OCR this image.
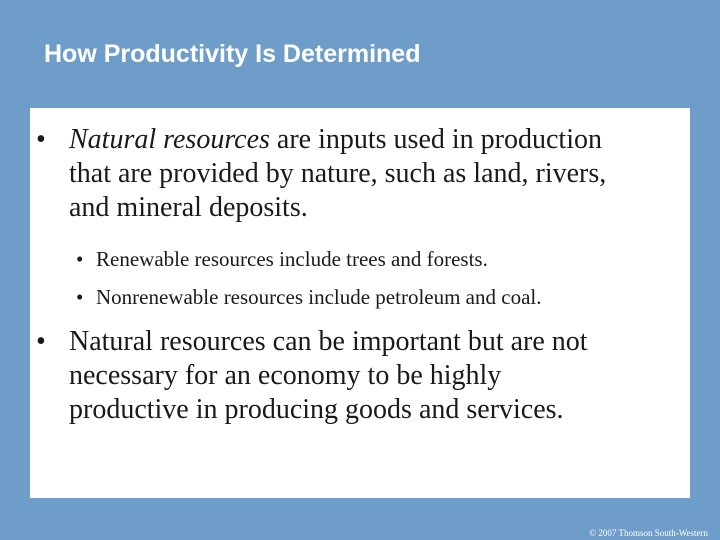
How Productivity Is Determined
• Natural resources are inputs used in production
that are provided by nature, such as land, rivers,
and mineral deposits.
• Renewable resources include trees and forests.
• Nonrenewable resources include petroleum and coal.
• Natural resources can be important but are not
necessary for an economy to be highly
productive in producing goods and services.
© 2007 Thomson South-Western
